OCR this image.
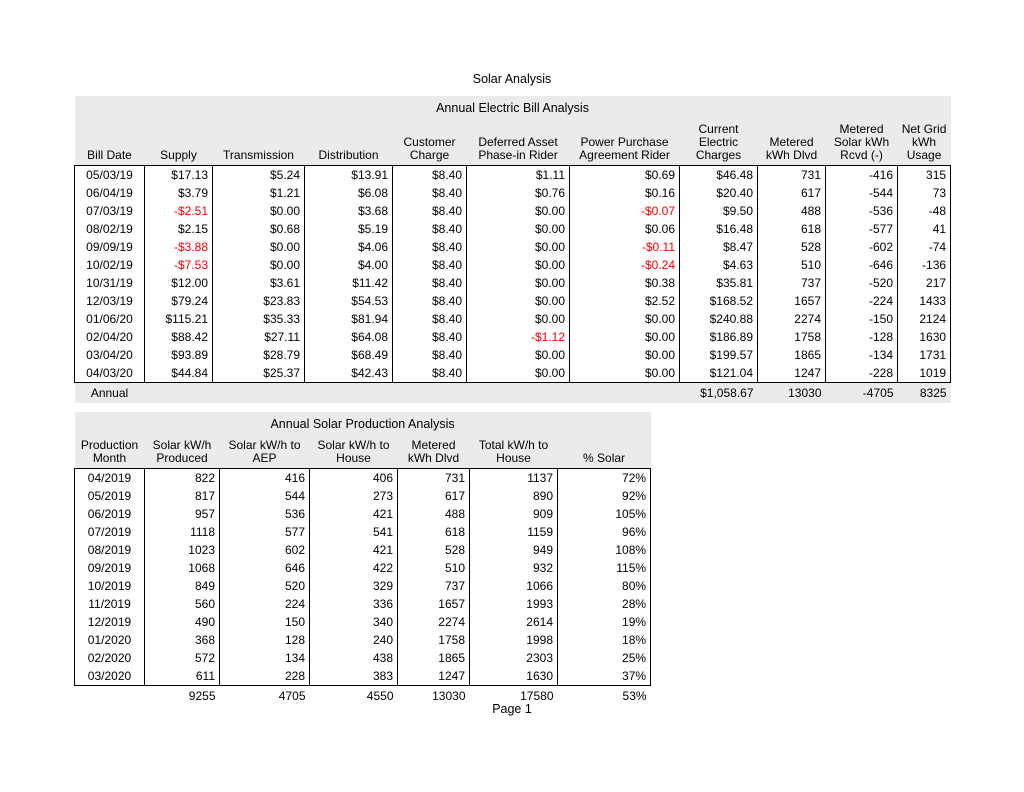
Solar Analysis
Annual Electric Bill Analysis										
Bill Date	Supply	Transmission	Distribution	Customer Charge	Deferred Asset Phase-in Rider	Power Purchase Agreement Rider	Current Electric Charges	Metered kWh Dlvd	Metered Solar kWh Rcvd (-)	Net Grid kWh Usage
05/03/19	$17.13	$5.24	$13.91	$8.40	$1.11	$0.69	$46.48	731	-416	315
06/04/19	$3.79	$1.21	$6.08	$8.40	$0.76	$0.16	$20.40	617	-544	73
07/03/19	-$2.51	$0.00	$3.68	$8.40	$0.00	-$0.07	$9.50	488	-536	-48
08/02/19	$2.15	$0.68	$5.19	$8.40	$0.00	$0.06	$16.48	618	-577	41
09/09/19	-$3.88	$0.00	$4.06	$8.40	$0.00	-$0.11	$8.47	528	-602	-74
10/02/19	-$7.53	$0.00	$4.00	$8.40	$0.00	-$0.24	$4.63	510	-646	-136
10/31/19	$12.00	$3.61	$11.42	$8.40	$0.00	$0.38	$35.81	737	-520	217
12/03/19	$79.24	$23.83	$54.53	$8.40	$0.00	$2.52	$168.52	1657	-224	1433
01/06/20	$115.21	$35.33	$81.94	$8.40	$0.00	$0.00	$240.88	2274	-150	2124
02/04/20	$88.42	$27.11	$64.08	$8.40	-$1.12	$0.00	$186.89	1758	-128	1630
03/04/20	$93.89	$28.79	$68.49	$8.40	$0.00	$0.00	$199.57	1865	-134	1731
04/03/20	$44.84	$25.37	$42.43	$8.40	$0.00	$0.00	$121.04	1247	-228	1019
Annual							$1,058.67	13030	-4705	8325
Annual Solar Production Analysis						
Production Month	Solar kW/h Produced	Solar kW/h to AEP	Solar kW/h to House	Metered kWh Dlvd	Total kW/h to House	% Solar
04/2019	822	416	406	731	1137	72%
05/2019	817	544	273	617	890	92%
06/2019	957	536	421	488	909	105%
07/2019	1118	577	541	618	1159	96%
08/2019	1023	602	421	528	949	108%
09/2019	1068	646	422	510	932	115%
10/2019	849	520	329	737	1066	80%
11/2019	560	224	336	1657	1993	28%
12/2019	490	150	340	2274	2614	19%
01/2020	368	128	240	1758	1998	18%
02/2020	572	134	438	1865	2303	25%
03/2020	611	228	383	1247	1630	37%
	9255	4705	4550	13030	17580	53%
Page 1
